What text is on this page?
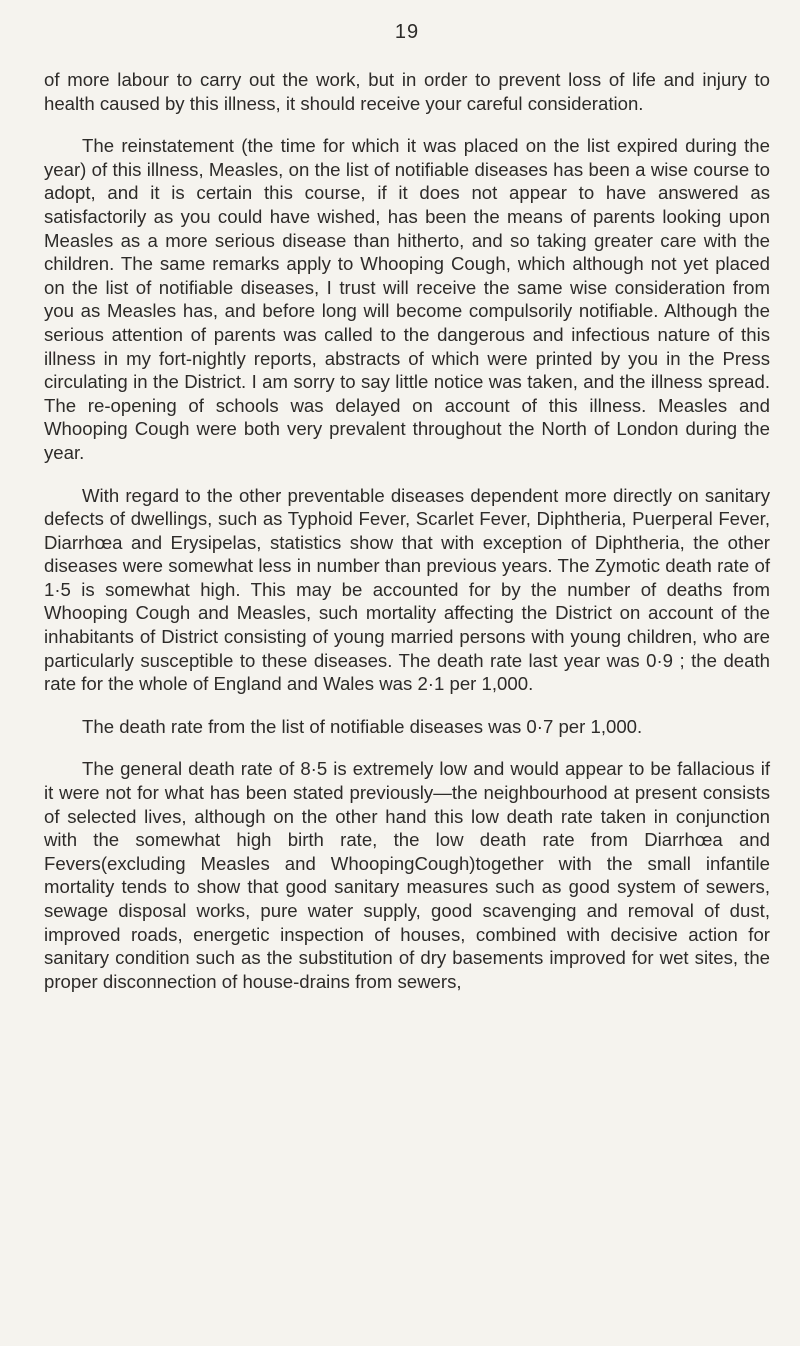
19

of more labour to carry out the work, but in order to prevent loss of life and injury to health caused by this illness, it should receive your careful consideration.

The reinstatement (the time for which it was placed on the list expired during the year) of this illness, Measles, on the list of notifiable diseases has been a wise course to adopt, and it is certain this course, if it does not appear to have answered as satisfactorily as you could have wished, has been the means of parents looking upon Measles as a more serious disease than hitherto, and so taking greater care with the children. The same remarks apply to Whooping Cough, which although not yet placed on the list of notifiable diseases, I trust will receive the same wise consideration from you as Measles has, and before long will become compulsorily notifiable. Although the serious attention of parents was called to the dangerous and infectious nature of this illness in my fort-nightly reports, abstracts of which were printed by you in the Press circulating in the District. I am sorry to say little notice was taken, and the illness spread. The re-opening of schools was delayed on account of this illness. Measles and Whooping Cough were both very prevalent throughout the North of London during the year.

With regard to the other preventable diseases dependent more directly on sanitary defects of dwellings, such as Typhoid Fever, Scarlet Fever, Diphtheria, Puerperal Fever, Diarrhœa and Erysipelas, statistics show that with exception of Diphtheria, the other diseases were somewhat less in number than previous years. The Zymotic death rate of 1·5 is somewhat high. This may be accounted for by the number of deaths from Whooping Cough and Measles, such mortality affecting the District on account of the inhabitants of District consisting of young married persons with young children, who are particularly susceptible to these diseases. The death rate last year was 0·9 ; the death rate for the whole of England and Wales was 2·1 per 1,000.

The death rate from the list of notifiable diseases was 0·7 per 1,000.

The general death rate of 8·5 is extremely low and would appear to be fallacious if it were not for what has been stated previously—the neighbourhood at present consists of selected lives, although on the other hand this low death rate taken in conjunction with the somewhat high birth rate, the low death rate from Diarrhœa and Fevers(excluding Measles and WhoopingCough)together with the small infantile mortality tends to show that good sanitary measures such as good system of sewers, sewage disposal works, pure water supply, good scavenging and removal of dust, improved roads, energetic inspection of houses, combined with decisive action for sanitary condition such as the substitution of dry basements improved for wet sites, the proper disconnection of house-drains from sewers,
